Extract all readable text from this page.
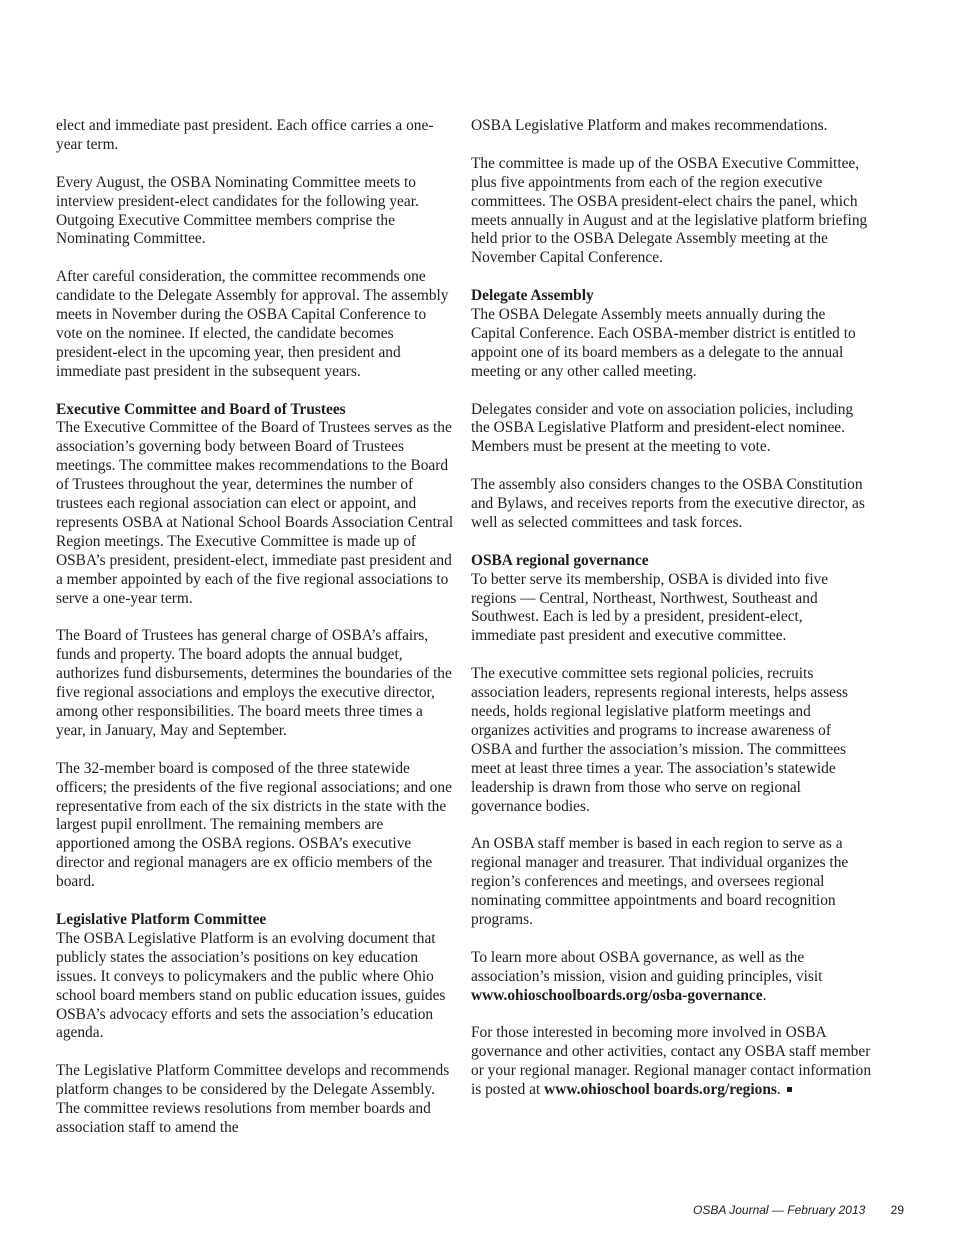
elect and immediate past president. Each office carries a one-year term.

Every August, the OSBA Nominating Committee meets to interview president-elect candidates for the following year. Outgoing Executive Committee members comprise the Nominating Committee.

After careful consideration, the committee recommends one candidate to the Delegate Assembly for approval. The assembly meets in November during the OSBA Capital Conference to vote on the nominee. If elected, the candidate becomes president-elect in the upcoming year, then president and immediate past president in the subsequent years.

Executive Committee and Board of Trustees

The Executive Committee of the Board of Trustees serves as the association’s governing body between Board of Trustees meetings. The committee makes recommendations to the Board of Trustees throughout the year, determines the number of trustees each regional association can elect or appoint, and represents OSBA at National School Boards Association Central Region meetings. The Executive Committee is made up of OSBA’s president, president-elect, immediate past president and a member appointed by each of the five regional associations to serve a one-year term.

The Board of Trustees has general charge of OSBA’s affairs, funds and property. The board adopts the annual budget, authorizes fund disbursements, determines the boundaries of the five regional associations and employs the executive director, among other responsibilities. The board meets three times a year, in January, May and September.

The 32-member board is composed of the three statewide officers; the presidents of the five regional associations; and one representative from each of the six districts in the state with the largest pupil enrollment. The remaining members are apportioned among the OSBA regions. OSBA’s executive director and regional managers are ex officio members of the board.

Legislative Platform Committee

The OSBA Legislative Platform is an evolving document that publicly states the association’s positions on key education issues. It conveys to policymakers and the public where Ohio school board members stand on public education issues, guides OSBA’s advocacy efforts and sets the association’s education agenda.

The Legislative Platform Committee develops and recommends platform changes to be considered by the Delegate Assembly. The committee reviews resolutions from member boards and association staff to amend the

OSBA Legislative Platform and makes recommendations.

The committee is made up of the OSBA Executive Committee, plus five appointments from each of the region executive committees. The OSBA president-elect chairs the panel, which meets annually in August and at the legislative platform briefing held prior to the OSBA Delegate Assembly meeting at the November Capital Conference.

Delegate Assembly

The OSBA Delegate Assembly meets annually during the Capital Conference. Each OSBA-member district is entitled to appoint one of its board members as a delegate to the annual meeting or any other called meeting.

Delegates consider and vote on association policies, including the OSBA Legislative Platform and president-elect nominee. Members must be present at the meeting to vote.

The assembly also considers changes to the OSBA Constitution and Bylaws, and receives reports from the executive director, as well as selected committees and task forces.

OSBA regional governance

To better serve its membership, OSBA is divided into five regions — Central, Northeast, Northwest, Southeast and Southwest. Each is led by a president, president-elect, immediate past president and executive committee.

The executive committee sets regional policies, recruits association leaders, represents regional interests, helps assess needs, holds regional legislative platform meetings and organizes activities and programs to increase awareness of OSBA and further the association’s mission. The committees meet at least three times a year. The association’s statewide leadership is drawn from those who serve on regional governance bodies.

An OSBA staff member is based in each region to serve as a regional manager and treasurer. That individual organizes the region’s conferences and meetings, and oversees regional nominating committee appointments and board recognition programs.

To learn more about OSBA governance, as well as the association’s mission, vision and guiding principles, visit www.ohioschoolboards.org/osba-governance.

For those interested in becoming more involved in OSBA governance and other activities, contact any OSBA staff member or your regional manager. Regional manager contact information is posted at www.ohioschool boards.org/regions.

OSBA Journal — February 2013 29
